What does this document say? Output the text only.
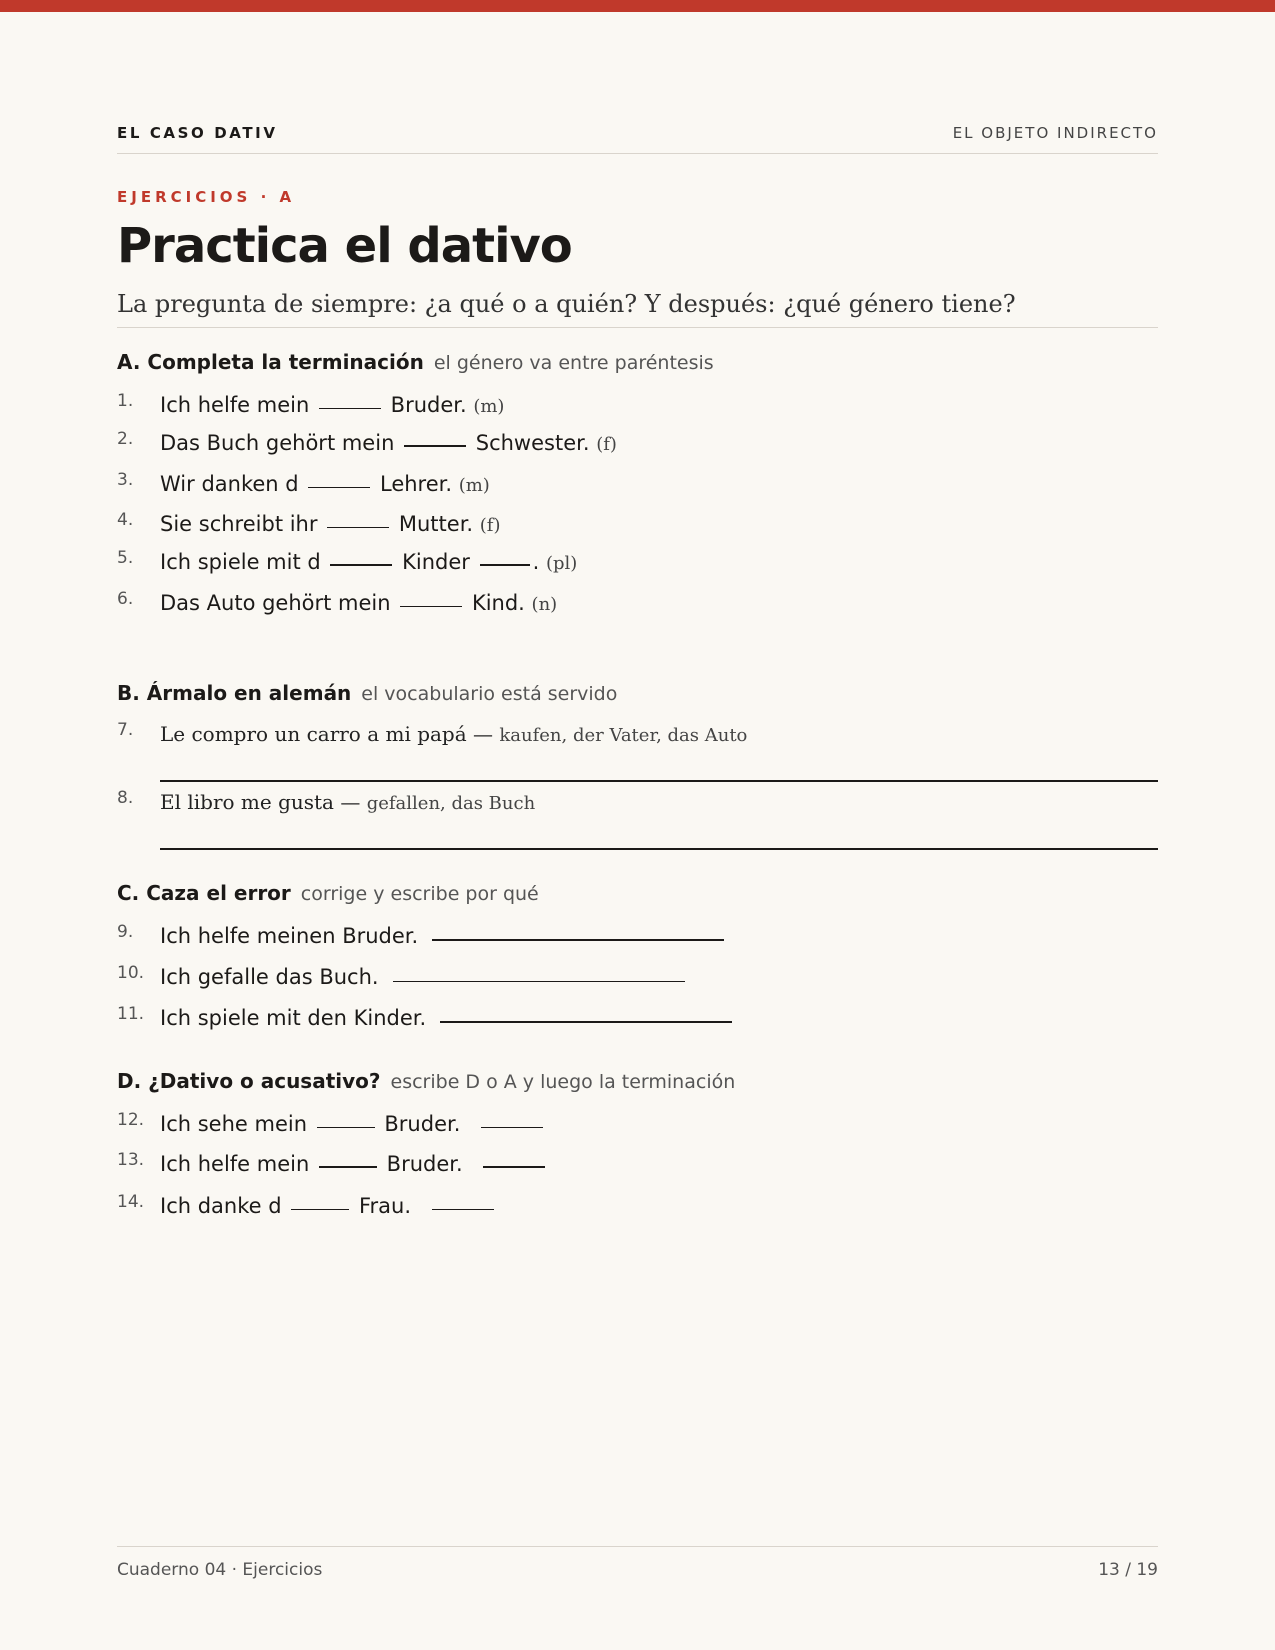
EL CASO DATIV	EL OBJETO INDIRECTO
EJERCICIOS · A
Practica el dativo
La pregunta de siempre: ¿a qué o a quién? Y después: ¿qué género tiene?
A. Completa la terminación el género va entre paréntesis
1. Ich helfe mein	Bruder. (m)
2. Das Buch gehört mein	Schwester. (f)
3. Wir danken d	Lehrer. (m)
4. Sie schreibt ihr	Mutter. (f)
5. Ich spiele mit d	Kinder	. (pl)
6. Das Auto gehört mein	Kind. (n)
B. Ármalo en alemán el vocabulario está servido
7. Le compro un carro a mi papá — kaufen, der Vater, das Auto
8. El libro me gusta — gefallen, das Buch
C. Caza el error corrige y escribe por qué
9. Ich helfe meinen Bruder.
10. Ich gefalle das Buch.
11. Ich spiele mit den Kinder.
D. ¿Dativo o acusativo? escribe D o A y luego la terminación
12. Ich sehe mein	Bruder.
13. Ich helfe mein	Bruder.
14. Ich danke d	Frau.
Cuaderno 04 · Ejercicios	13 / 19
